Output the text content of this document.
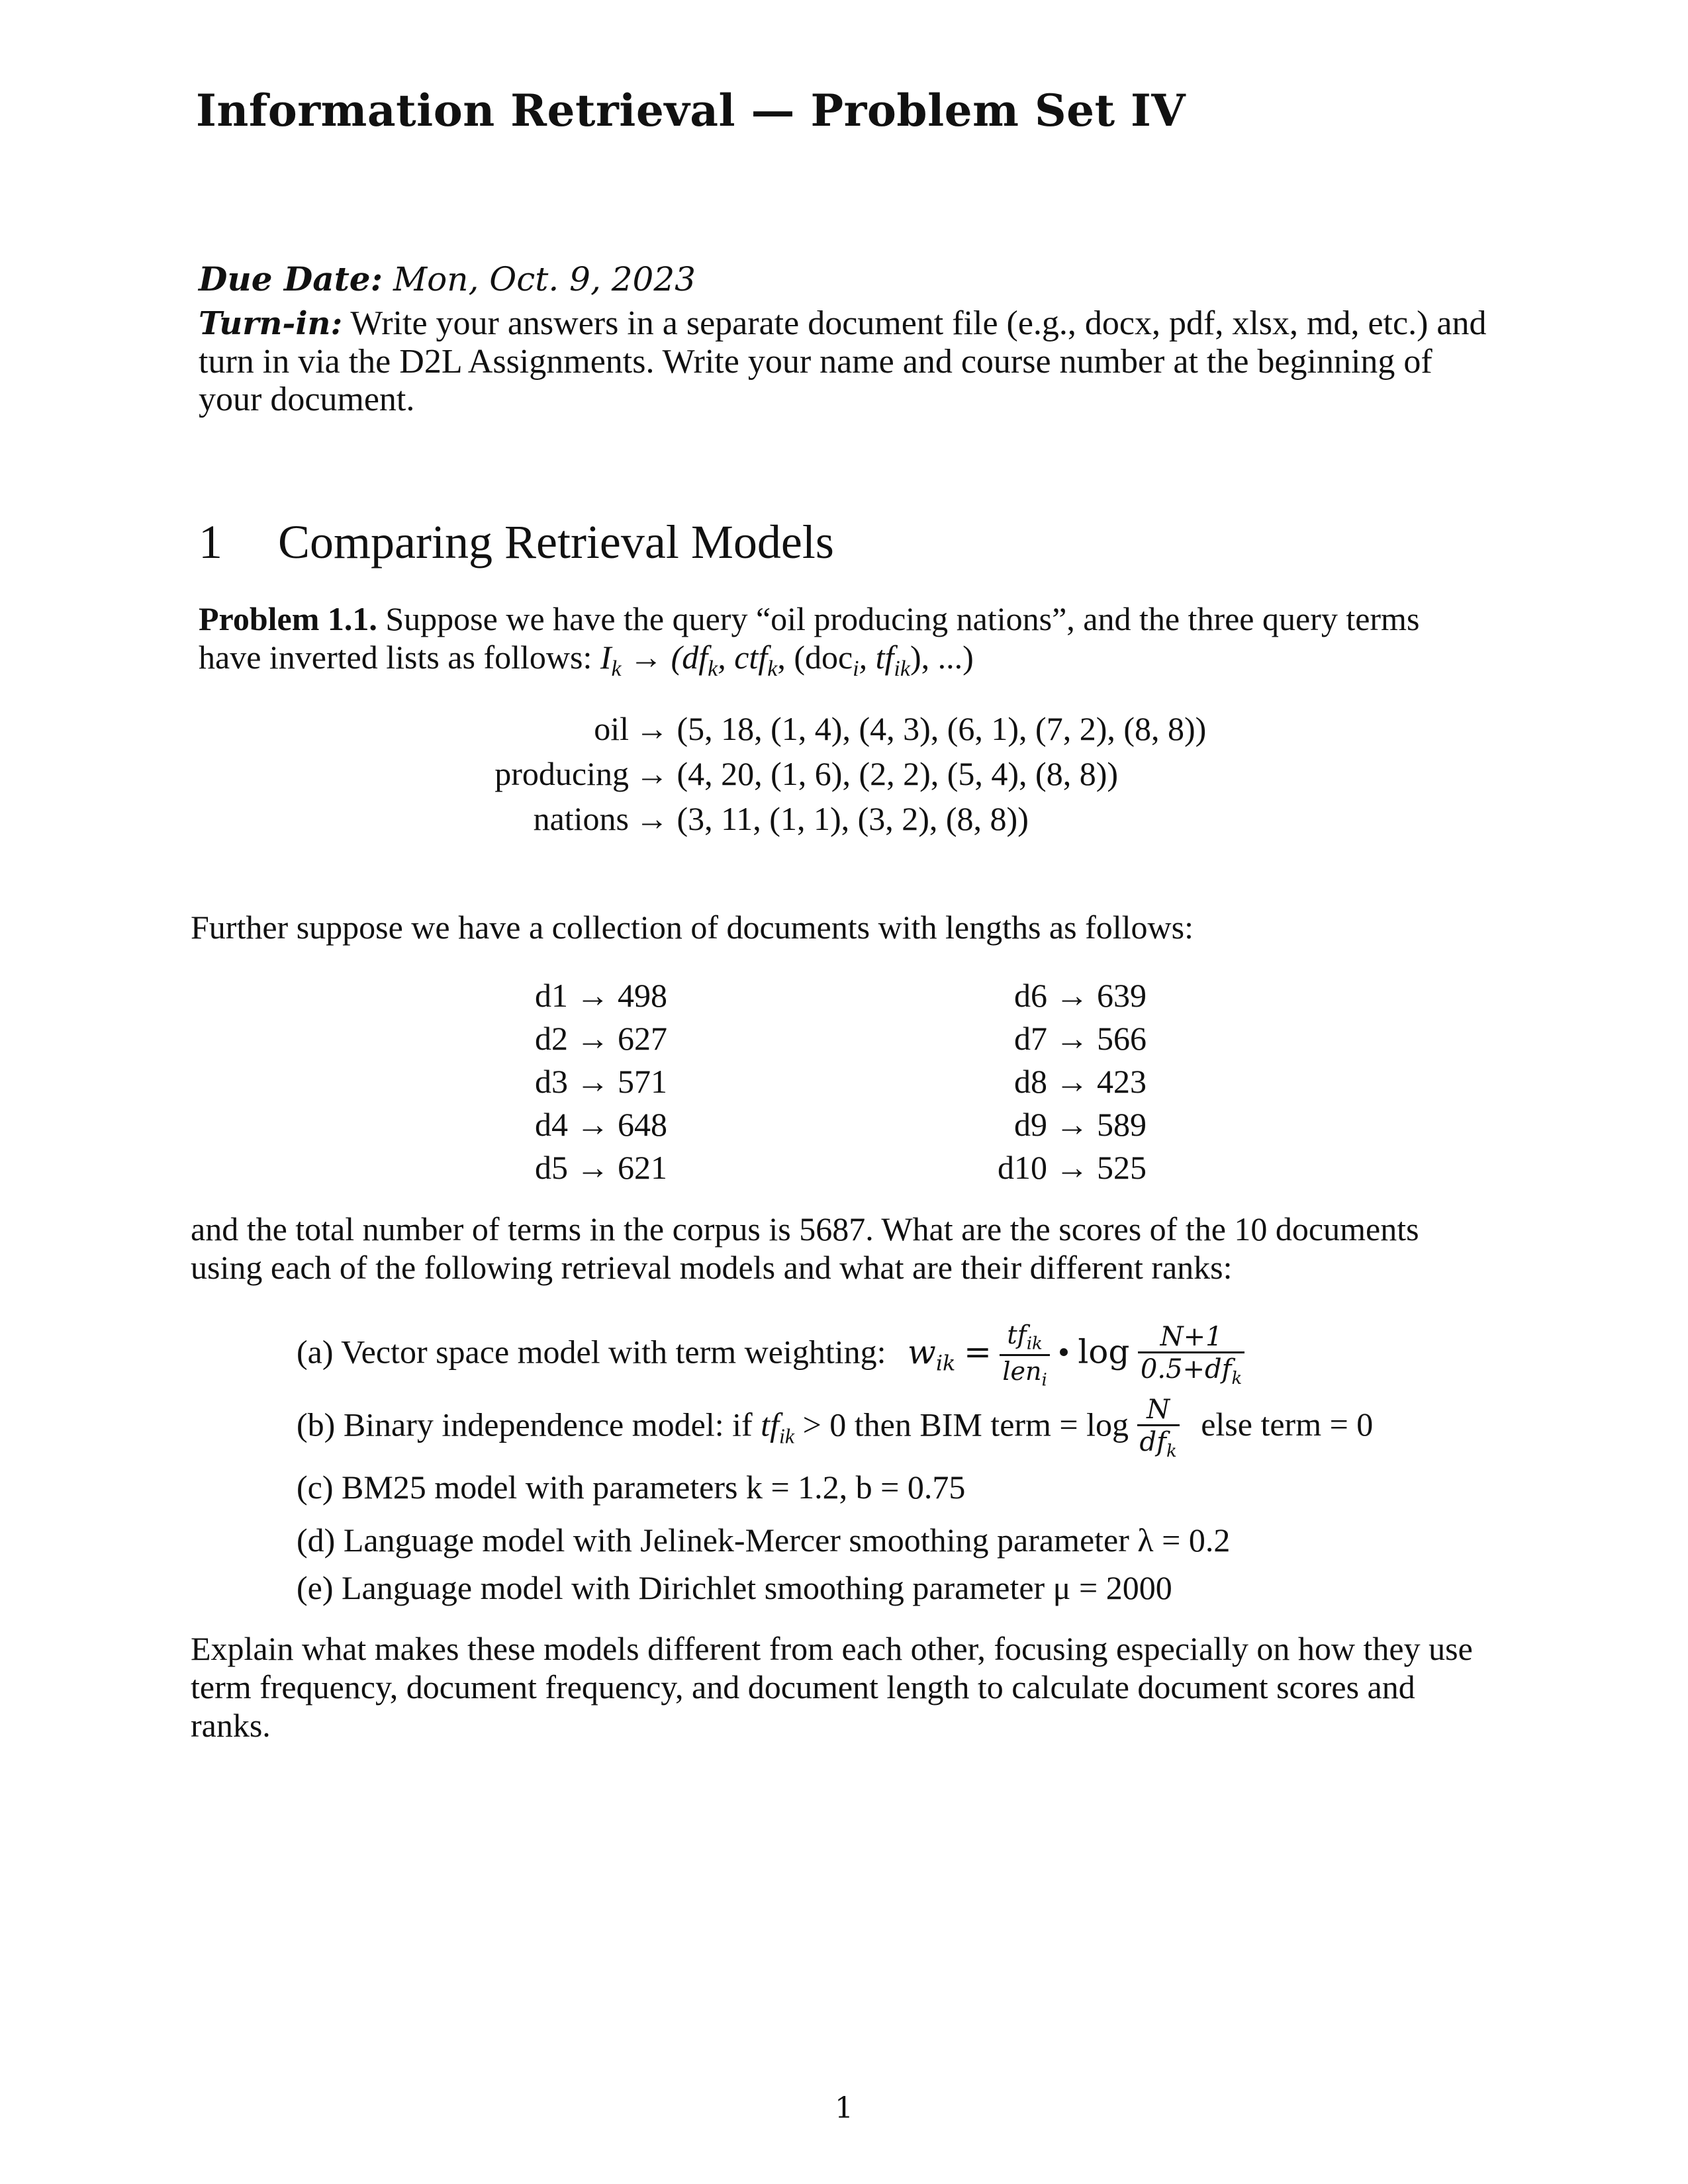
Information Retrieval — Problem Set IV
Due Date: Mon, Oct. 9, 2023
Turn-in: Write your answers in a separate document file (e.g., docx, pdf, xlsx, md, etc.) and turn in via the D2L Assignments. Write your name and course number at the beginning of your document.
1 Comparing Retrieval Models
Problem 1.1. Suppose we have the query “oil producing nations”, and the three query terms have inverted lists as follows: $I_k \to (df_k$, ctf$_k$, (doc$_i$, $tf_{ik}$), ...)
oil → (5, 18, (1, 4), (4, 3), (6, 1), (7, 2), (8, 8))
producing → (4, 20, (1, 6), (2, 2), (5, 4), (8, 8))
nations → (3, 11, (1, 1), (3, 2), (8, 8))
Further suppose we have a collection of documents with lengths as follows:
d1 → 498
d2 → 627
d3 → 571
d4 → 648
d5 → 621
d6 → 639
d7 → 566
d8 → 423
d9 → 589
d10 → 525
and the total number of terms in the corpus is 5687. What are the scores of the 10 documents using each of the following retrieval models and what are their different ranks:
(a) Vector space model with term weighting: $w_{ik} = \frac{tf_{ik}}{len_i}$ • $\log \frac{N+1}{0.5+df_k}$
(b) Binary independence model: if $tf_{ik} > 0$ then BIM term = $\log \frac{N}{df_k}$ else term = 0
(c) BM25 model with parameters k = 1.2, b = 0.75
(d) Language model with Jelinek-Mercer smoothing parameter λ = 0.2
(e) Language model with Dirichlet smoothing parameter μ = 2000
Explain what makes these models different from each other, focusing especially on how they use term frequency, document frequency, and document length to calculate document scores and ranks.
1
